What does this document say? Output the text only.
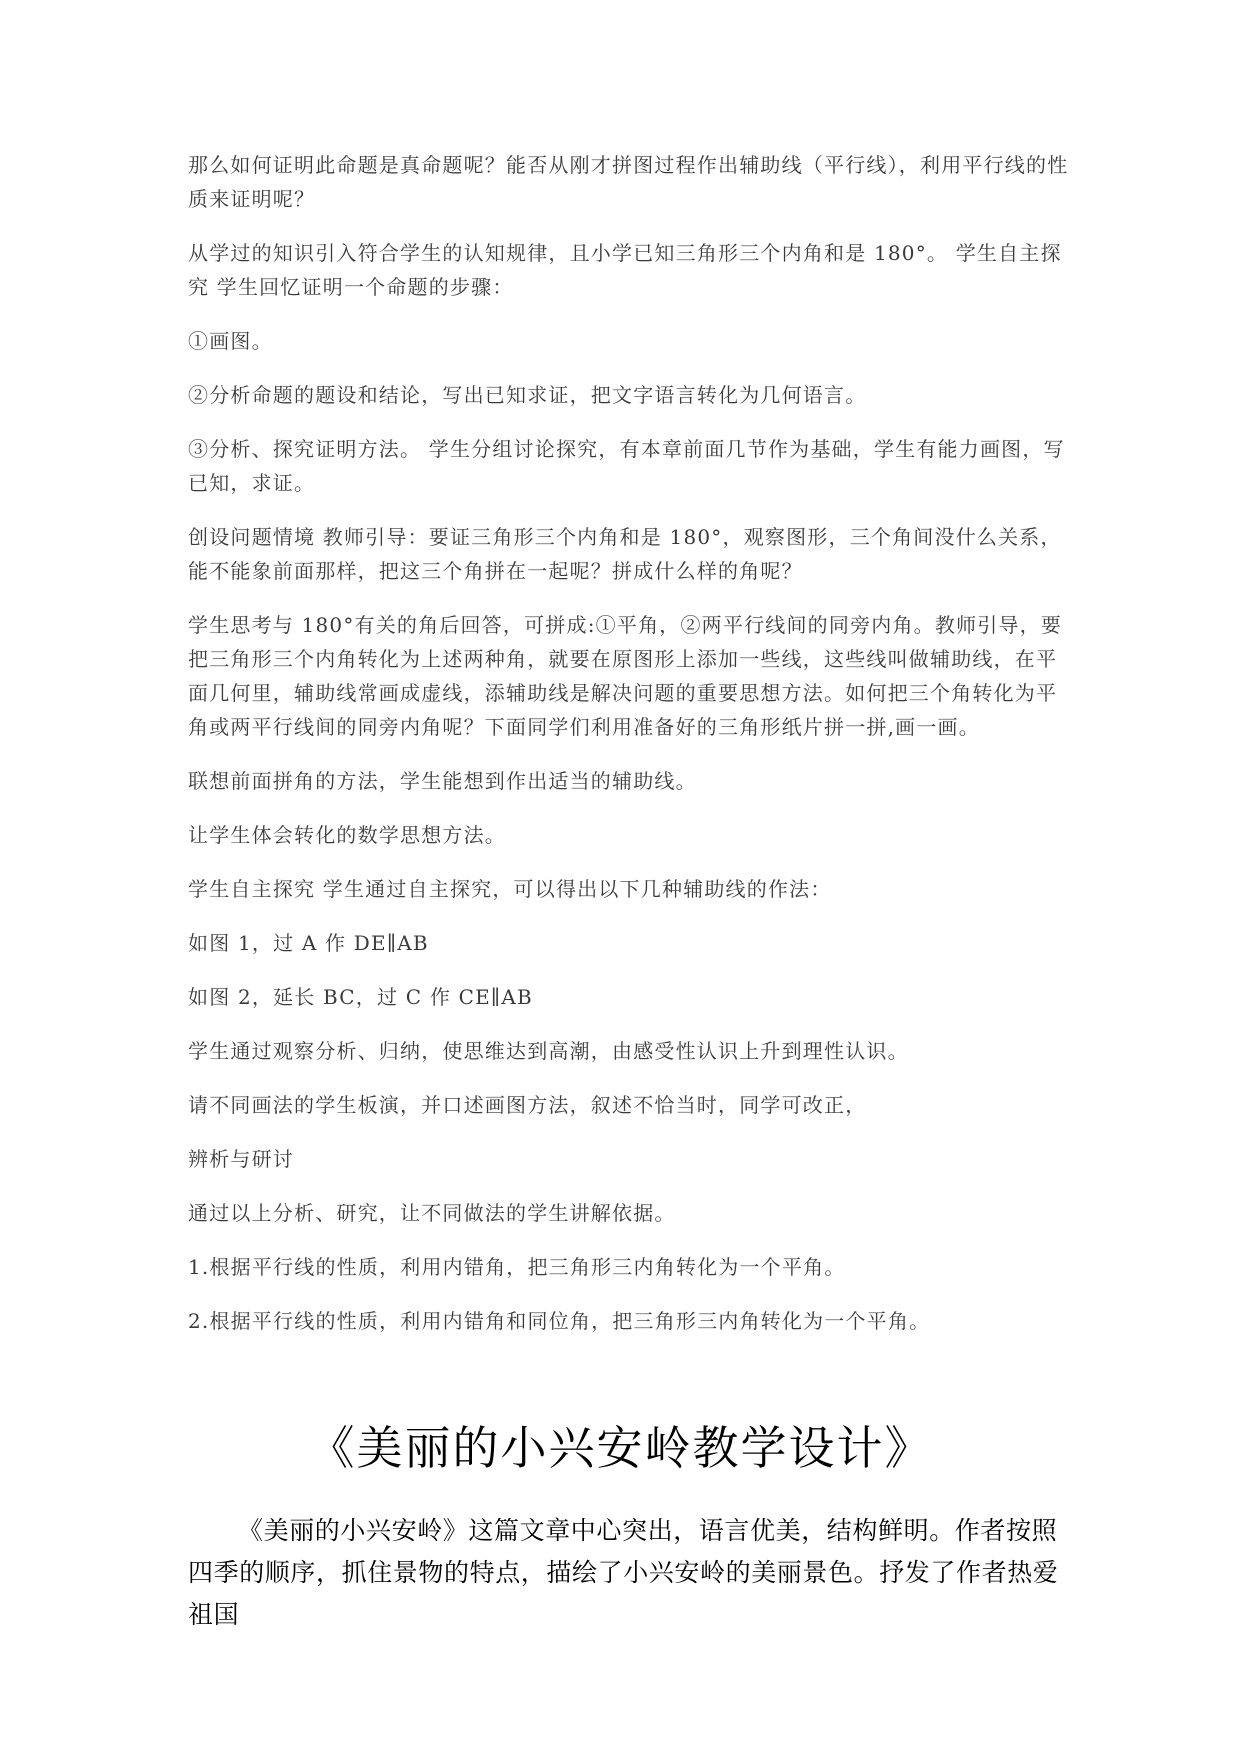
那么如何证明此命题是真命题呢？能否从刚才拼图过程作出辅助线（平行线），利用平行线的性质来证明呢？

从学过的知识引入符合学生的认知规律，且小学已知三角形三个内角和是 180°。 学生自主探究 学生回忆证明一个命题的步骤：

①画图。

②分析命题的题设和结论，写出已知求证，把文字语言转化为几何语言。

③分析、探究证明方法。 学生分组讨论探究，有本章前面几节作为基础，学生有能力画图，写已知，求证。

创设问题情境 教师引导：要证三角形三个内角和是 180°，观察图形，三个角间没什么关系，能不能象前面那样，把这三个角拼在一起呢？拼成什么样的角呢？

学生思考与 180°有关的角后回答，可拼成:①平角，②两平行线间的同旁内角。教师引导，要把三角形三个内角转化为上述两种角，就要在原图形上添加一些线，这些线叫做辅助线，在平面几何里，辅助线常画成虚线，添辅助线是解决问题的重要思想方法。如何把三个角转化为平角或两平行线间的同旁内角呢？下面同学们利用准备好的三角形纸片拼一拼,画一画。

联想前面拼角的方法，学生能想到作出适当的辅助线。

让学生体会转化的数学思想方法。

学生自主探究 学生通过自主探究，可以得出以下几种辅助线的作法：

如图 1，过 A 作 DE∥AB

如图 2，延长 BC，过 C 作 CE∥AB

学生通过观察分析、归纳，使思维达到高潮，由感受性认识上升到理性认识。

请不同画法的学生板演，并口述画图方法，叙述不恰当时，同学可改正，

辨析与研讨

通过以上分析、研究，让不同做法的学生讲解依据。

1.根据平行线的性质，利用内错角，把三角形三内角转化为一个平角。

2.根据平行线的性质，利用内错角和同位角，把三角形三内角转化为一个平角。

《美丽的小兴安岭教学设计》

《美丽的小兴安岭》这篇文章中心突出，语言优美，结构鲜明。作者按照四季的顺序，抓住景物的特点，描绘了小兴安岭的美丽景色。抒发了作者热爱祖国
